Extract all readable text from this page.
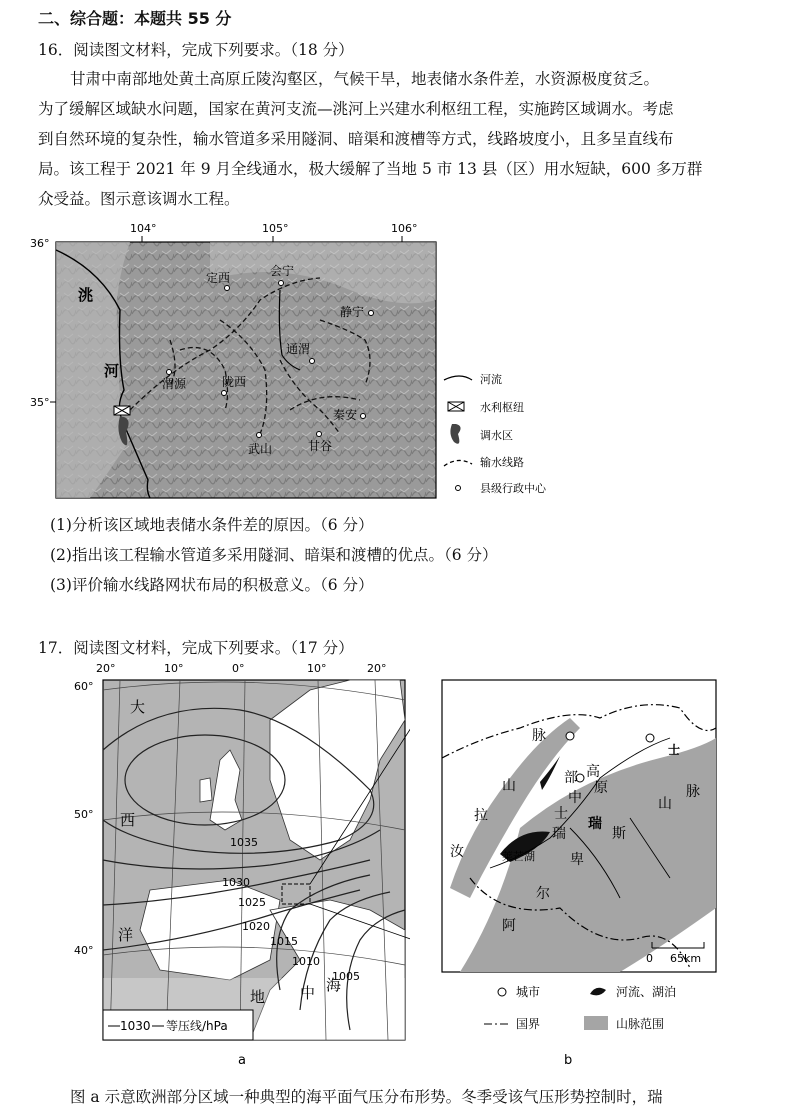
二、综合题：本题共 55 分
16．阅读图文材料，完成下列要求。（18 分）
甘肃中南部地处黄土高原丘陵沟壑区，气候干旱，地表储水条件差，水资源极度贫乏。
为了缓解区域缺水问题，国家在黄河支流—洮河上兴建水利枢纽工程，实施跨区域调水。考虑
到自然环境的复杂性，输水管道多采用隧洞、暗渠和渡槽等方式，线路坡度小，且多呈直线布
局。该工程于 2021 年 9 月全线通水，极大缓解了当地 5 市 13 县（区）用水短缺，600 多万群
众受益。图示意该调水工程。
104°	105°	106°
36°
35°
洮
河
定西	会宁
静宁
通渭
渭源	陇西
秦安
武山	甘谷
河流
水利枢纽
调水区
输水线路
县级行政中心
(1)分析该区域地表储水条件差的原因。（6 分）
(2)指出该工程输水管道多采用隧洞、暗渠和渡槽的优点。（6 分）
(3)评价输水线路网状布局的积极意义。（6 分）
17．阅读图文材料，完成下列要求。（17 分）
20°	10°	0°	10°	20°
60°
50°
40°
1035
1030
1025
1020
1015
1010
1005
大
西
洋
地 中 海
1030 等压线/hPa
a
脉
山
高
原
部
中
士
瑞
瑞
斯
山
脉
拉
汝	莱芒湖	卑
尔
阿
士
0 65km
城市	河流、湖泊
国界	山脉范围
b
图 a 示意欧洲部分区域一种典型的海平面气压分布形势。冬季受该气压形势控制时，瑞
